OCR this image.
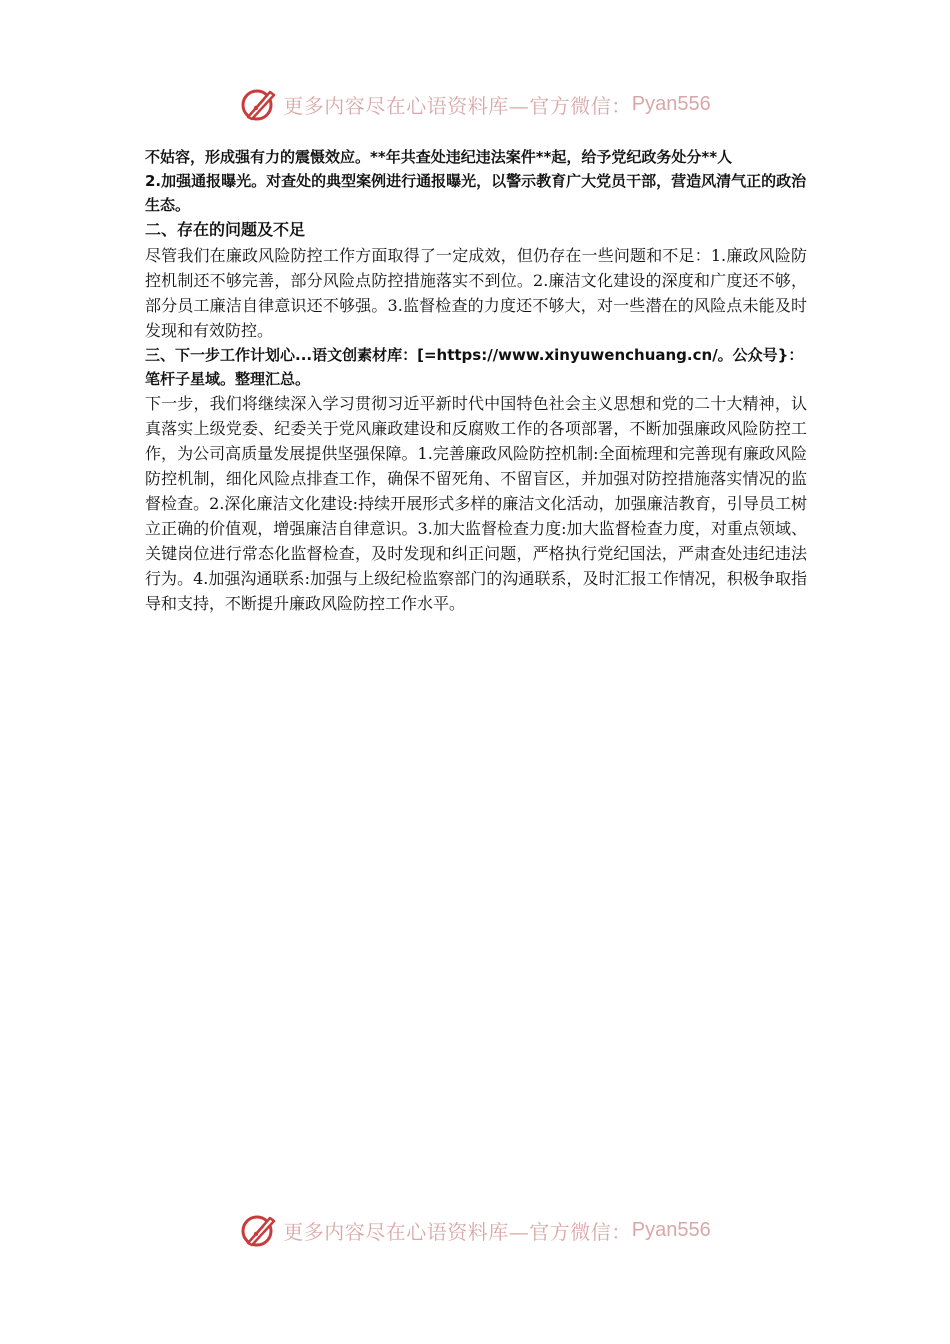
更多内容尽在心语资料库—官方微信： Pyan556

不姑容，形成强有力的震慑效应。**年共查处违纪违法案件**起，给予党纪政务处分**人

2.加强通报曝光。对查处的典型案例进行通报曝光，以警示教育广大党员干部，营造风清气正的政治生态。

二、存在的问题及不足

尽管我们在廉政风险防控工作方面取得了一定成效，但仍存在一些问题和不足：1.廉政风险防控机制还不够完善，部分风险点防控措施落实不到位。2.廉洁文化建设的深度和广度还不够，部分员工廉洁自律意识还不够强。3.监督检查的力度还不够大，对一些潜在的风险点未能及时发现和有效防控。

三、下一步工作计划心...语文创素材库：[=https://www.xinyuwenchuang.cn/。公众号}：笔杆子星域。整理汇总。

下一步，我们将继续深入学习贯彻习近平新时代中国特色社会主义思想和党的二十大精神，认真落实上级党委、纪委关于党风廉政建设和反腐败工作的各项部署，不断加强廉政风险防控工作，为公司高质量发展提供坚强保障。1.完善廉政风险防控机制:全面梳理和完善现有廉政风险防控机制，细化风险点排查工作，确保不留死角、不留盲区，并加强对防控措施落实情况的监督检查。2.深化廉洁文化建设:持续开展形式多样的廉洁文化活动，加强廉洁教育，引导员工树立正确的价值观，增强廉洁自律意识。3.加大监督检查力度:加大监督检查力度，对重点领域、关键岗位进行常态化监督检查，及时发现和纠正问题，严格执行党纪国法，严肃查处违纪违法行为。4.加强沟通联系:加强与上级纪检监察部门的沟通联系，及时汇报工作情况，积极争取指导和支持，不断提升廉政风险防控工作水平。

更多内容尽在心语资料库—官方微信： Pyan556
